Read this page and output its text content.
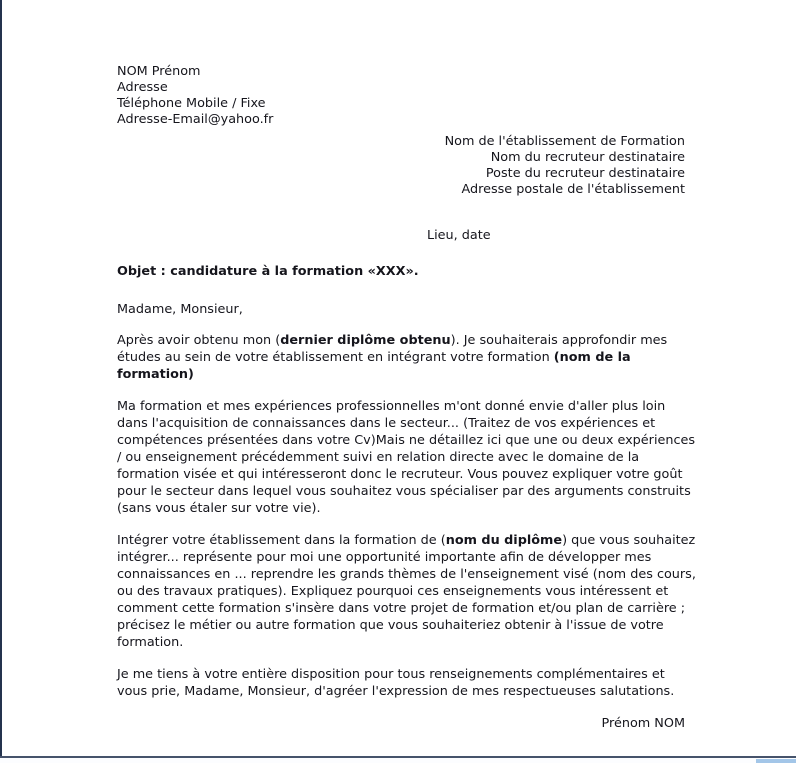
NOM Prénom
Adresse
Téléphone Mobile / Fixe
Adresse-Email@yahoo.fr
Nom de l'établissement de Formation
Nom du recruteur destinataire
Poste du recruteur destinataire
Adresse postale de l'établissement
Lieu, date
Objet : candidature à la formation «XXX».
Madame, Monsieur,

Après avoir obtenu mon (dernier diplôme obtenu). Je souhaiterais approfondir mes études au sein de votre établissement en intégrant votre formation (nom de la formation)

Ma formation et mes expériences professionnelles m'ont donné envie d'aller plus loin dans l'acquisition de connaissances dans le secteur... (Traitez de vos expériences et compétences présentées dans votre Cv)Mais ne détaillez ici que une ou deux expériences / ou enseignement précédemment suivi en relation directe avec le domaine de la formation visée et qui intéresseront donc le recruteur. Vous pouvez expliquer votre goût pour le secteur dans lequel vous souhaitez vous spécialiser par des arguments construits (sans vous étaler sur votre vie).

Intégrer votre établissement dans la formation de (nom du diplôme) que vous souhaitez intégrer... représente pour moi une opportunité importante afin de développer mes connaissances en ... reprendre les grands thèmes de l'enseignement visé (nom des cours, ou des travaux pratiques). Expliquez pourquoi ces enseignements vous intéressent et comment cette formation s'insère dans votre projet de formation et/ou plan de carrière ; précisez le métier ou autre formation que vous souhaiteriez obtenir à l'issue de votre formation.

Je me tiens à votre entière disposition pour tous renseignements complémentaires et vous prie, Madame, Monsieur, d'agréer l'expression de mes respectueuses salutations.

Prénom NOM
